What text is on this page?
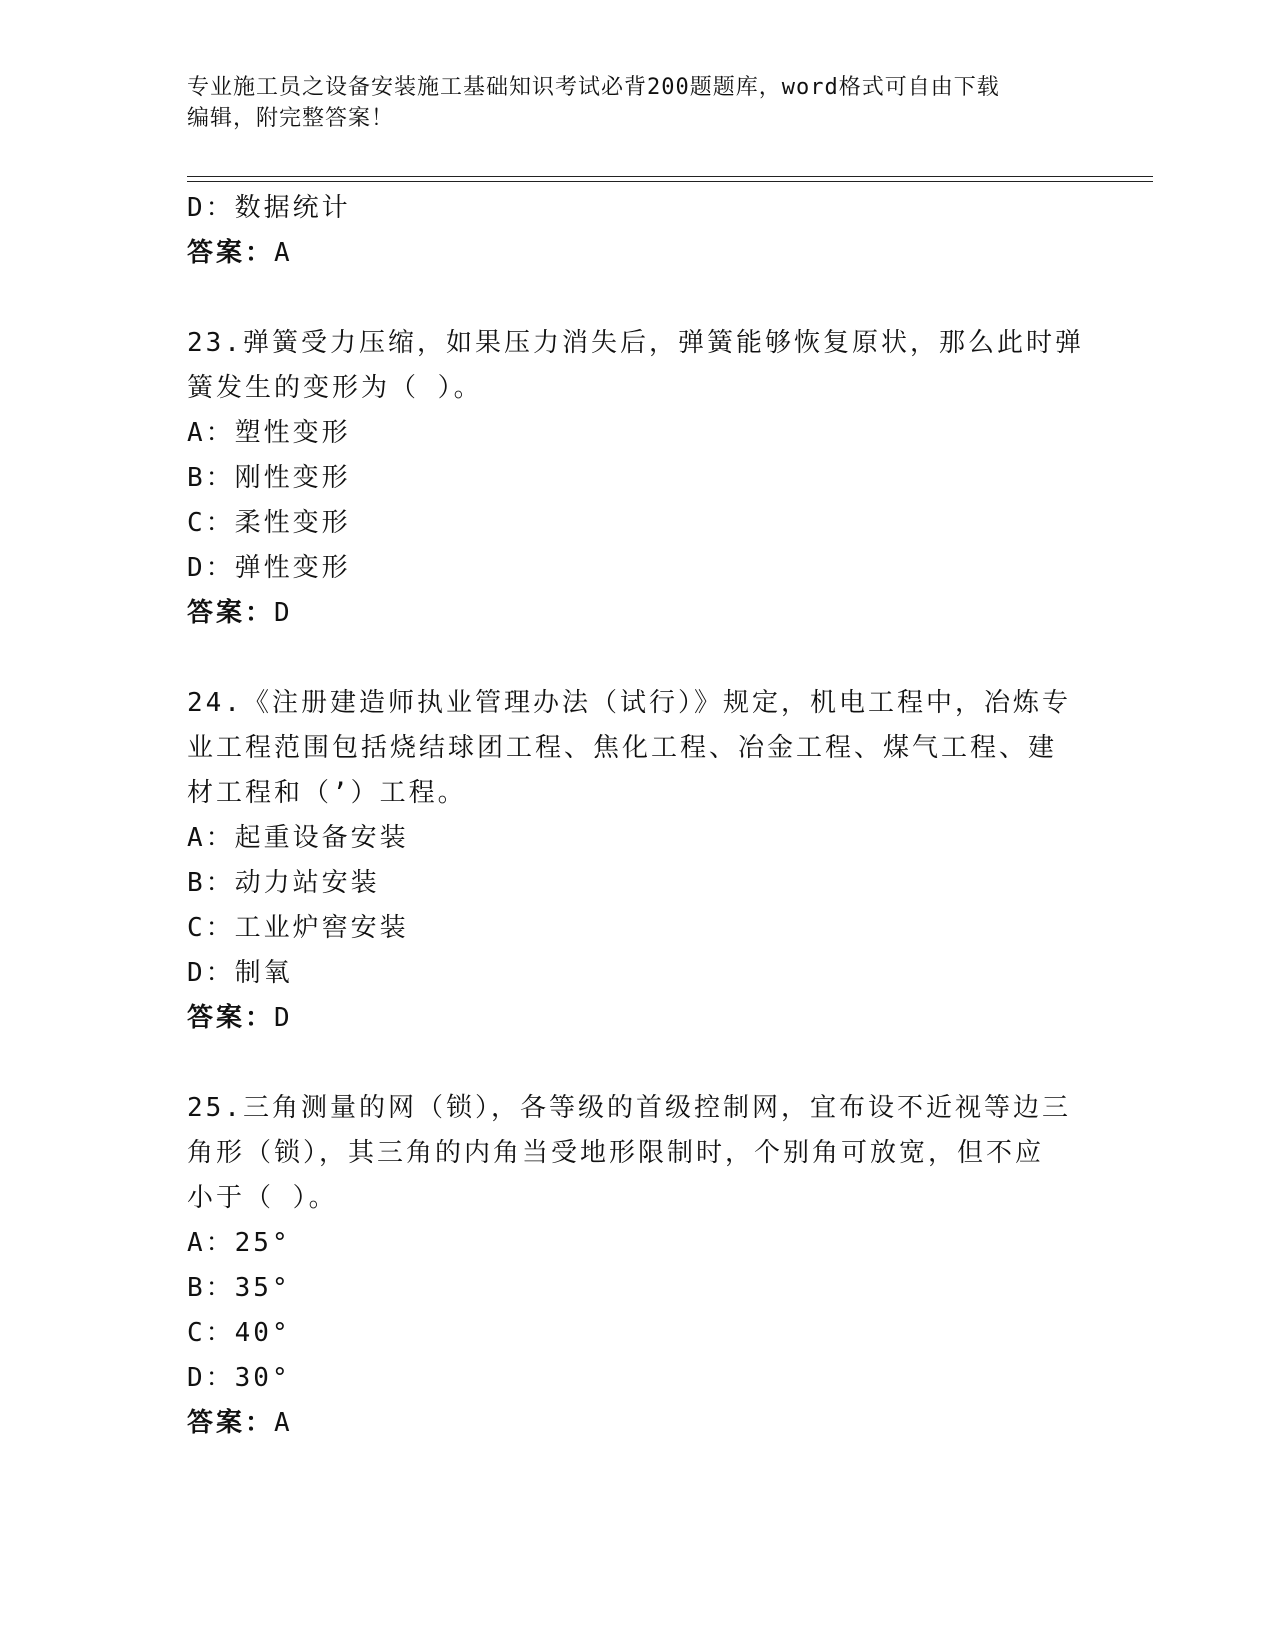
专业施工员之设备安装施工基础知识考试必背200题题库，word格式可自由下载
编辑，附完整答案！
D：数据统计
答案：A
23.弹簧受力压缩，如果压力消失后，弹簧能够恢复原状，那么此时弹
簧发生的变形为（ ）。
A：塑性变形
B：刚性变形
C：柔性变形
D：弹性变形
答案：D
24.《注册建造师执业管理办法（试行）》规定，机电工程中，冶炼专
业工程范围包括烧结球团工程、焦化工程、冶金工程、煤气工程、建
材工程和（’）工程。
A：起重设备安装
B：动力站安装
C：工业炉窖安装
D：制氧
答案：D
25.三角测量的网（锁），各等级的首级控制网，宜布设不近视等边三
角形（锁），其三角的内角当受地形限制时，个别角可放宽，但不应
小于（ ）。
A：25°
B：35°
C：40°
D：30°
答案：A
